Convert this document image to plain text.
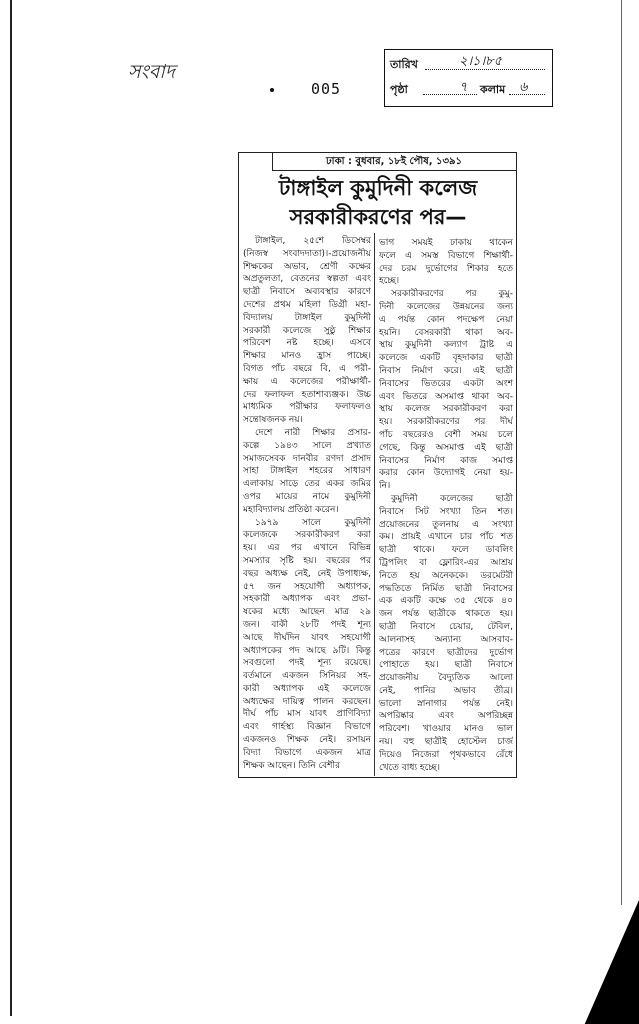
সংবাদ
005
তারিখ	২।১।৮৫
পৃষ্ঠা	৭ কলাম ৬
ঢাকা : বুধবার, ১৮ই পৌষ, ১৩৯১
টাঙ্গাইল কুমুদিনী কলেজ
সরকারীকরণের পর—
টাঙ্গাইল, ২৫শে ডিসেম্বর
(নিজস্ব সংবাদদাতা)।-প্রয়োজনীয়
শিক্ষকের অভাব, শ্রেণী কক্ষের
অপ্রতুলতা, বেতনের স্বল্পতা এবং
ছাত্রী নিবাসে অব্যবস্থার কারণে
দেশের প্রথম মহিলা ডিগ্রী মহা-
বিদ্যালয় টাঙ্গাইল কুমুদিনী
সরকারী কলেজে সুষ্ঠু শিক্ষার
পরিবেশ নষ্ট হচ্ছে। এসবে
শিক্ষার মানও হ্রাস পাচ্ছে।
বিগত পাঁচ বছরে বি, এ পরী-
ক্ষায় এ কলেজের পরীক্ষার্থী-
দের ফলাফল হতাশাব্যঞ্জক। উচ্চ
মাধ্যমিক পরীক্ষার ফলাফলও
সন্তোষজনক নয়।
দেশে নারী শিক্ষার প্রসার-
কল্পে ১৯৪৩ সালে প্রখ্যাত
সমাজসেবক দানবীর রণদা প্রসাদ
সাহা টাঙ্গাইল শহরের সাধারণ
এলাকায় সাড়ে তের একর জমির
ওপর মায়ের নামে কুমুদিনী
মহাবিদ্যালয় প্রতিষ্ঠা করেন।
১৯৭৯ সালে কুমুদিনী
কলেজকে সরকারীকরণ করা
হয়। এর পর এখানে বিভিন্ন
সমস্যার সৃষ্টি হয়। বছরের পর
বছর অধ্যক্ষ নেই, নেই উপাধ্যক্ষ,
৫৭ জন সহযোগী অধ্যাপক,
সহকারী অধ্যাপক এবং প্রভা-
ষকের মধ্যে আছেন মাত্র ২৯
জন। বাকী ২৮টি পদই শূন্য
আছে দীর্ঘদিন যাবৎ সহযোগী
অধ্যাপকের পদ আছে ৯টি। কিন্তু
সবগুলো পদই শূন্য রয়েছে।
বর্তমানে একজন সিনিয়র সহ-
কারী অধ্যাপক এই কলেজে
অধ্যক্ষের দায়িত্ব পালন করছেন।
দীর্ঘ পাঁচ মাস যাবৎ প্রাণিবিদ্যা
এবং গার্হস্থ্য বিজ্ঞান বিভাগে
একজনও শিক্ষক নেই। রসায়ন
বিদ্যা বিভাগে একজন মাত্র
শিক্ষক আছেন। তিনি বেশীর
ভাগ সময়ই ঢাকায় থাকেন
ফলে এ সমস্ত বিভাগে শিক্ষার্থী-
দের চরম দুর্ভোগের শিকার হতে
হচ্ছে।
সরকারীকরণের পর কুমু-
দিনী কলেজের উন্নয়নের জন্য
এ পর্যন্ত কোন পদক্ষেপ নেয়া
হয়নি। বেসরকারী থাকা অব-
স্থায় কুমুদিনী কল্যাণ ট্রাষ্ট এ
কলেজে একটি বৃহদাকার ছাত্রী
নিবাস নির্মাণ করে। এই ছাত্রী
নিবাসের ভিতরের একটা অংশ
এবং ভিতরে অসমাপ্ত থাকা অব-
স্থায় কলেজ সরকারীকরণ করা
হয়। সরকারীকরণের পর দীর্ঘ
পাঁচ বছরেরও বেশী সময় চলে
গেছে, কিন্তু অসমাপ্ত এই ছাত্রী
নিবাসের নির্মাণ কাজ সমাপ্ত
করার কোন উদ্যোগই নেয়া হয়-
নি।
কুমুদিনী কলেজের ছাত্রী
নিবাসে সিট সংখ্যা তিন শত।
প্রয়োজনের তুলনায় এ সংখ্যা
কম। প্রায়ই এখানে চার পাঁচ শত
ছাত্রী থাকে। ফলে ডাবলিং
ট্রিপলিং বা ফ্লোরিং-এর আশ্রয়
নিতে হয় অনেককে। ডরমেটরী
পদ্ধতিতে নির্মিত ছাত্রী নিবাসের
এক একটি কক্ষে ৩৫ থেকে ৪০
জন পর্যন্ত ছাত্রীকে থাকতে হয়।
ছাত্রী নিবাসে চেয়ার, টেবিল,
আলনাসহ অন্যান্য আসবাব-
পত্রের কারণে ছাত্রীদের দুর্ভোগ
পোহাতে হয়। ছাত্রী নিবাসে
প্রয়োজনীয় বৈদ্যুতিক আলো
নেই, পানির অভাব তীব্র।
ভালো স্নানাগার পর্যন্ত নেই।
অপরিষ্কার এবং অপরিচ্ছন্ন
পরিবেশ। খাওয়ার মানও ভাল
নয়। বহু ছাত্রীই হোস্টেল চার্জ
দিয়েও নিজেরা পৃথকভাবে রেঁধে
খেতে বাধ্য হচ্ছে।
